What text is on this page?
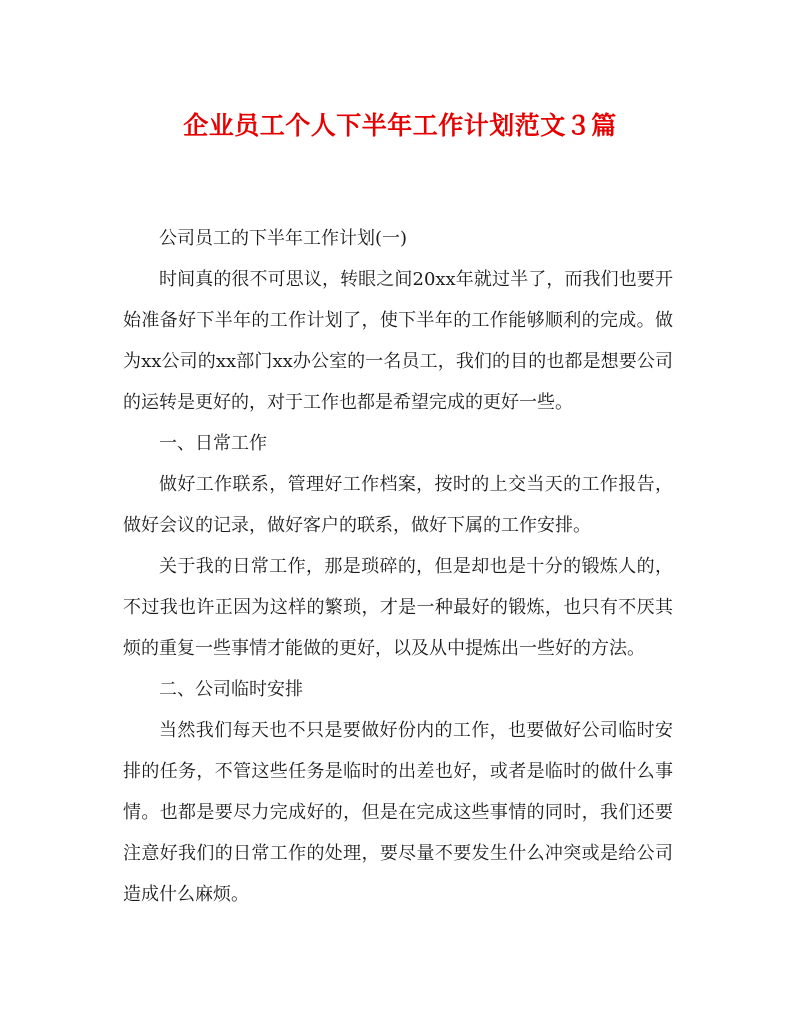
企业员工个人下半年工作计划范文３篇

公司员工的下半年工作计划(一)

时间真的很不可思议，转眼之间20xx年就过半了，而我们也要开始准备好下半年的工作计划了，使下半年的工作能够顺利的完成。做为xx公司的xx部门xx办公室的一名员工，我们的目的也都是想要公司的运转是更好的，对于工作也都是希望完成的更好一些。

一、日常工作

做好工作联系，管理好工作档案，按时的上交当天的工作报告，做好会议的记录，做好客户的联系，做好下属的工作安排。

关于我的日常工作，那是琐碎的，但是却也是十分的锻炼人的，不过我也许正因为这样的繁琐，才是一种最好的锻炼，也只有不厌其烦的重复一些事情才能做的更好，以及从中提炼出一些好的方法。

二、公司临时安排

当然我们每天也不只是要做好份内的工作，也要做好公司临时安排的任务，不管这些任务是临时的出差也好，或者是临时的做什么事情。也都是要尽力完成好的，但是在完成这些事情的同时，我们还要注意好我们的日常工作的处理，要尽量不要发生什么冲突或是给公司造成什么麻烦。
